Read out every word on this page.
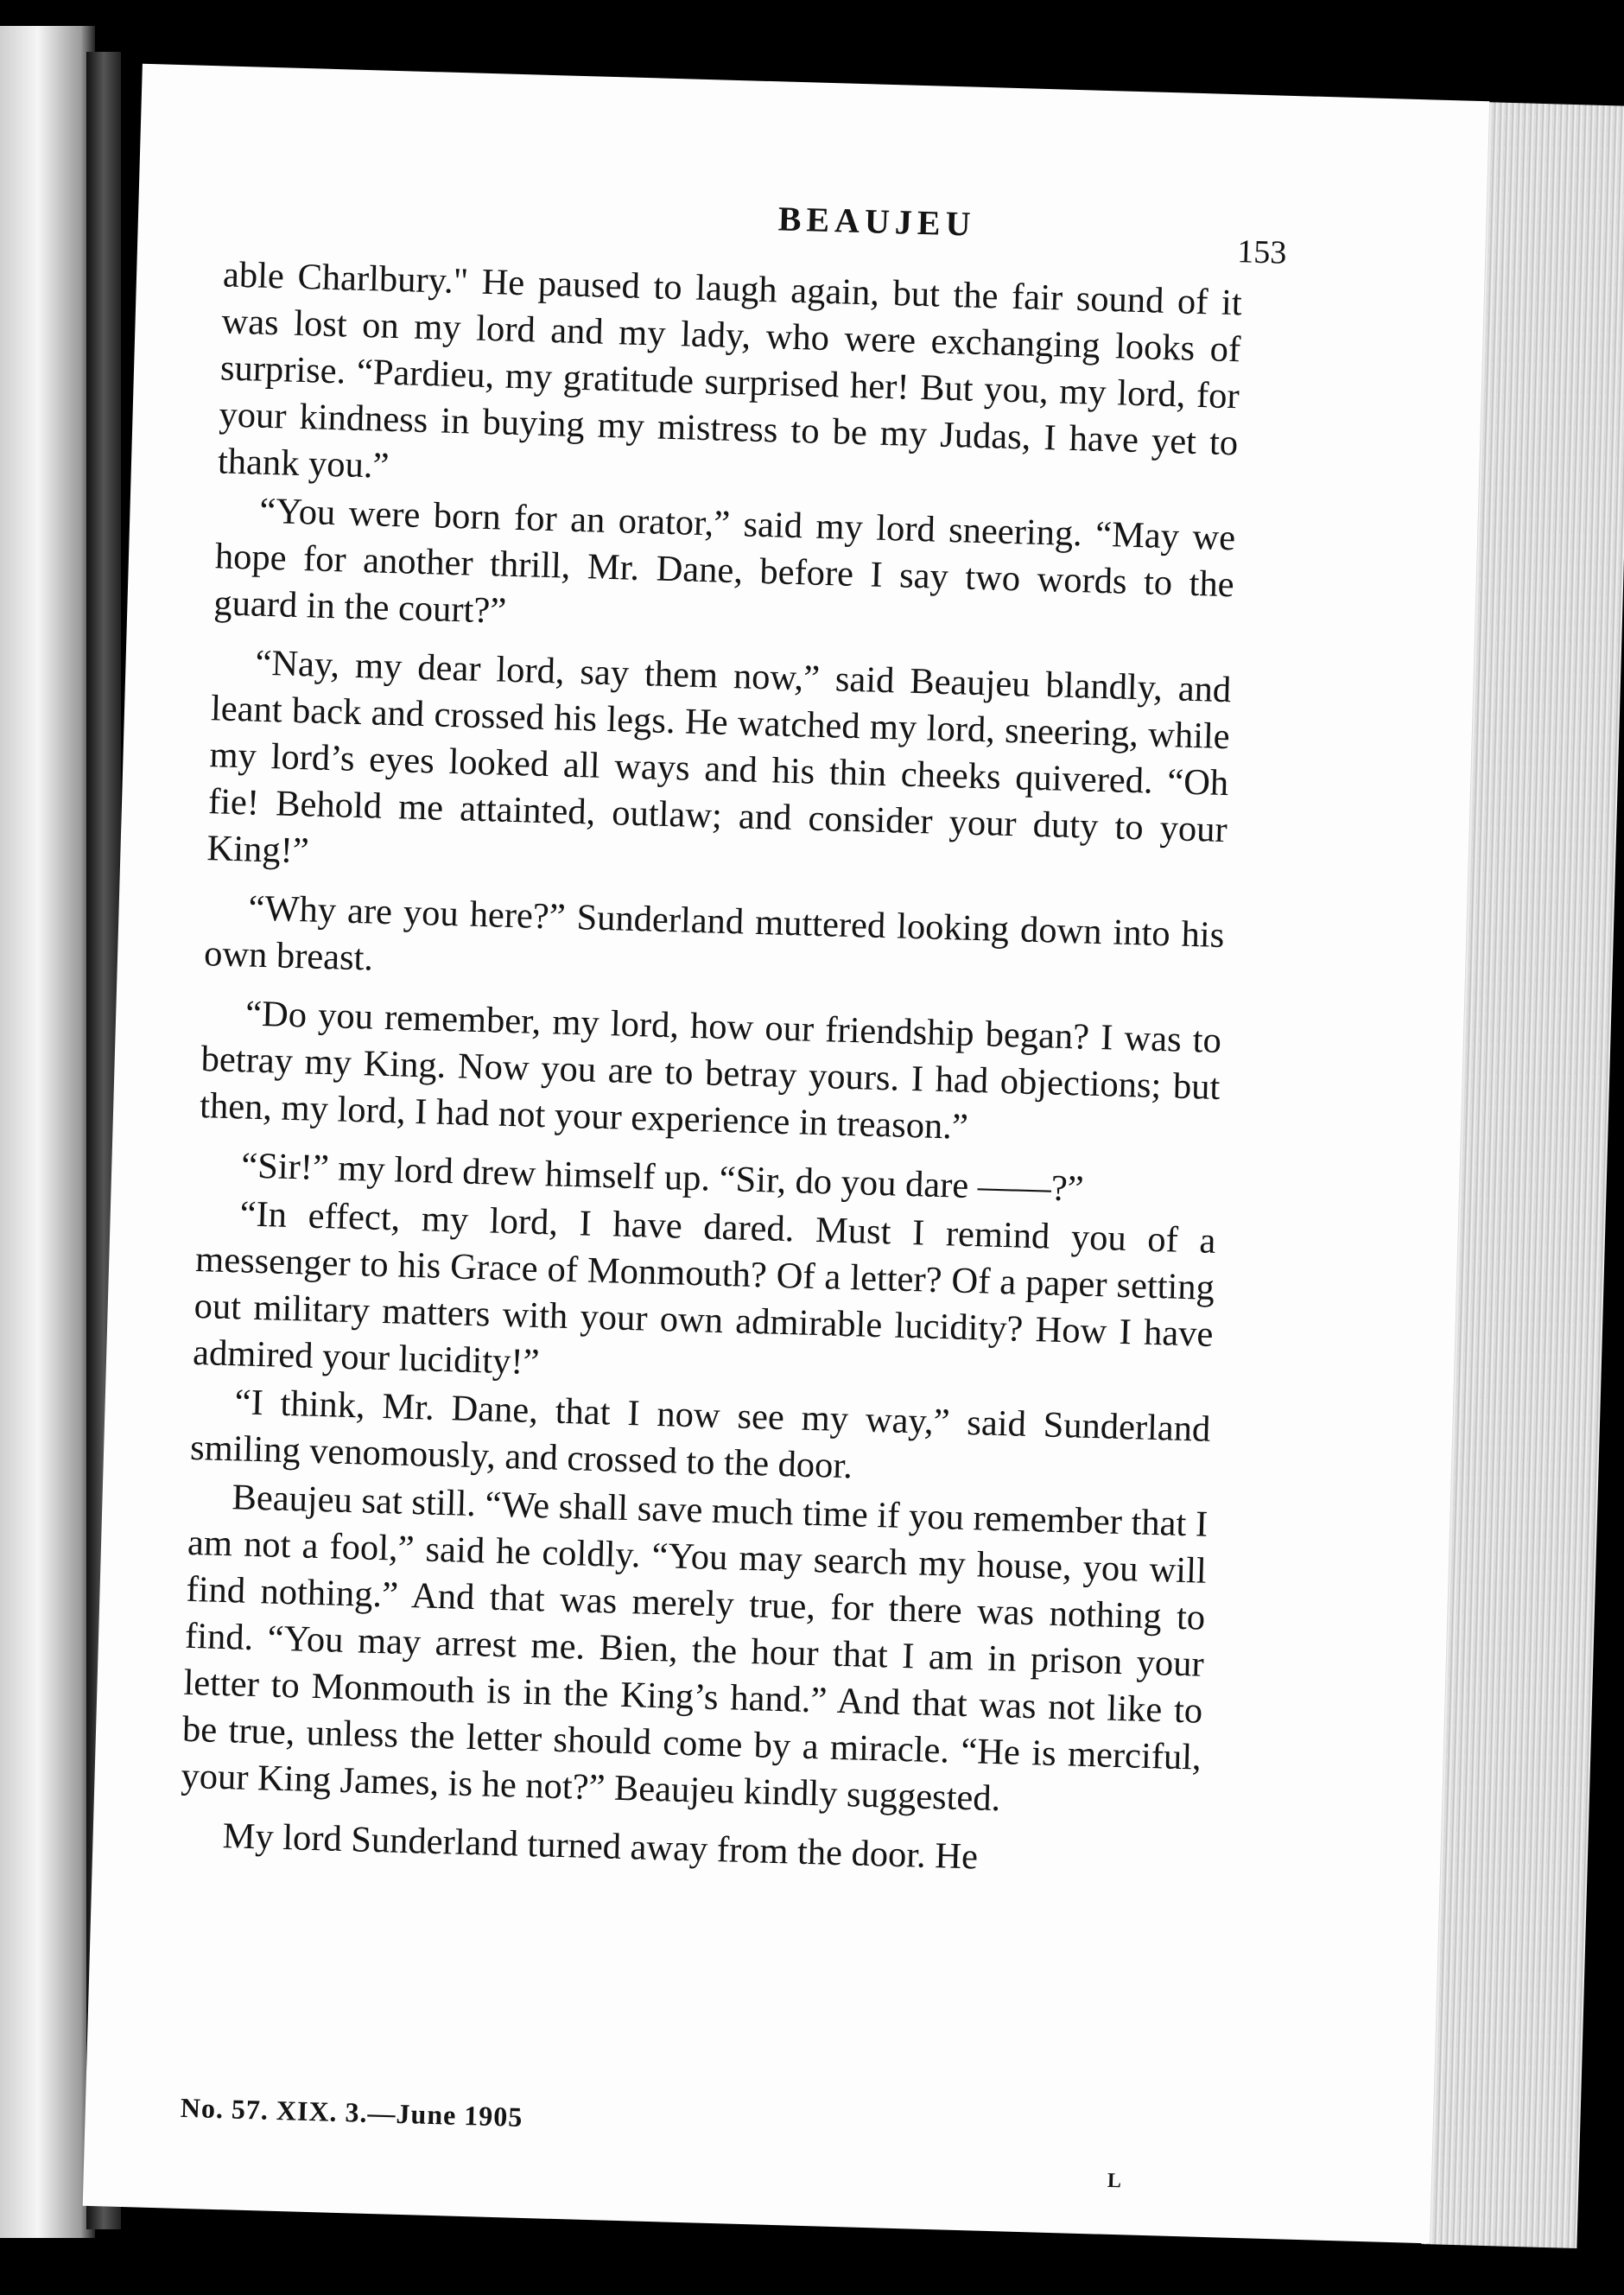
BEAUJEU
153

able Charlbury." He paused to laugh again, but the fair sound of it was lost on my lord and my lady, who were exchanging looks of surprise. “Pardieu, my gratitude surprised her! But you, my lord, for your kindness in buying my mistress to be my Judas, I have yet to thank you.”

“You were born for an orator,” said my lord sneering. “May we hope for another thrill, Mr. Dane, before I say two words to the guard in the court?”

“Nay, my dear lord, say them now,” said Beaujeu blandly, and leant back and crossed his legs. He watched my lord, sneering, while my lord’s eyes looked all ways and his thin cheeks quivered. “Oh fie! Behold me attainted, outlaw; and consider your duty to your King!”

“Why are you here?” Sunderland muttered looking down into his own breast.

“Do you remember, my lord, how our friendship began? I was to betray my King. Now you are to betray yours. I had objections; but then, my lord, I had not your experience in treason.”

“Sir!” my lord drew himself up. “Sir, do you dare ——?”

“In effect, my lord, I have dared. Must I remind you of a messenger to his Grace of Monmouth? Of a letter? Of a paper setting out military matters with your own admirable lucidity? How I have admired your lucidity!”

“I think, Mr. Dane, that I now see my way,” said Sunderland smiling venomously, and crossed to the door.

Beaujeu sat still. “We shall save much time if you remember that I am not a fool,” said he coldly. “You may search my house, you will find nothing.” And that was merely true, for there was nothing to find. “You may arrest me. Bien, the hour that I am in prison your letter to Monmouth is in the King’s hand.” And that was not like to be true, unless the letter should come by a miracle. “He is merciful, your King James, is he not?” Beaujeu kindly suggested.

My lord Sunderland turned away from the door. He

No. 57. XIX. 3.—June 1905
L
